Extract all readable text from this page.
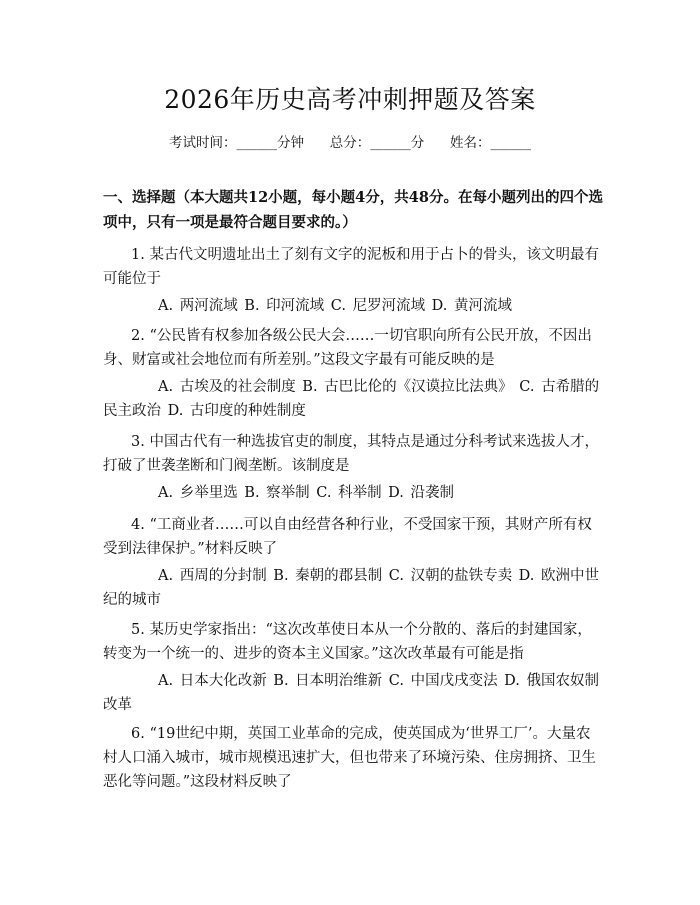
2026年历史高考冲刺押题及答案
考试时间：______分钟      总分：______分      姓名：______
一、选择题（本大题共12小题，每小题4分，共48分。在每小题列出的四个选项中，只有一项是最符合题目要求的。）
1. 某古代文明遗址出土了刻有文字的泥板和用于占卜的骨头，该文明最有可能位于
A. 两河流域 B. 印河流域 C. 尼罗河流域 D. 黄河流域
2. “公民皆有权参加各级公民大会……一切官职向所有公民开放，不因出身、财富或社会地位而有所差别。”这段文字最有可能反映的是
A. 古埃及的社会制度 B. 古巴比伦的《汉谟拉比法典》 C. 古希腊的民主政治 D. 古印度的种姓制度
3. 中国古代有一种选拔官吏的制度，其特点是通过分科考试来选拔人才，打破了世袭垄断和门阀垄断。该制度是
A. 乡举里选 B. 察举制 C. 科举制 D. 沿袭制
4. “工商业者……可以自由经营各种行业，不受国家干预，其财产所有权受到法律保护。”材料反映了
A. 西周的分封制 B. 秦朝的郡县制 C. 汉朝的盐铁专卖 D. 欧洲中世纪的城市
5. 某历史学家指出：“这次改革使日本从一个分散的、落后的封建国家，转变为一个统一的、进步的资本主义国家。”这次改革最有可能是指
A. 日本大化改新 B. 日本明治维新 C. 中国戊戌变法 D. 俄国农奴制改革
6. “19世纪中期，英国工业革命的完成，使英国成为‘世界工厂’。大量农村人口涌入城市，城市规模迅速扩大，但也带来了环境污染、住房拥挤、卫生恶化等问题。”这段材料反映了
